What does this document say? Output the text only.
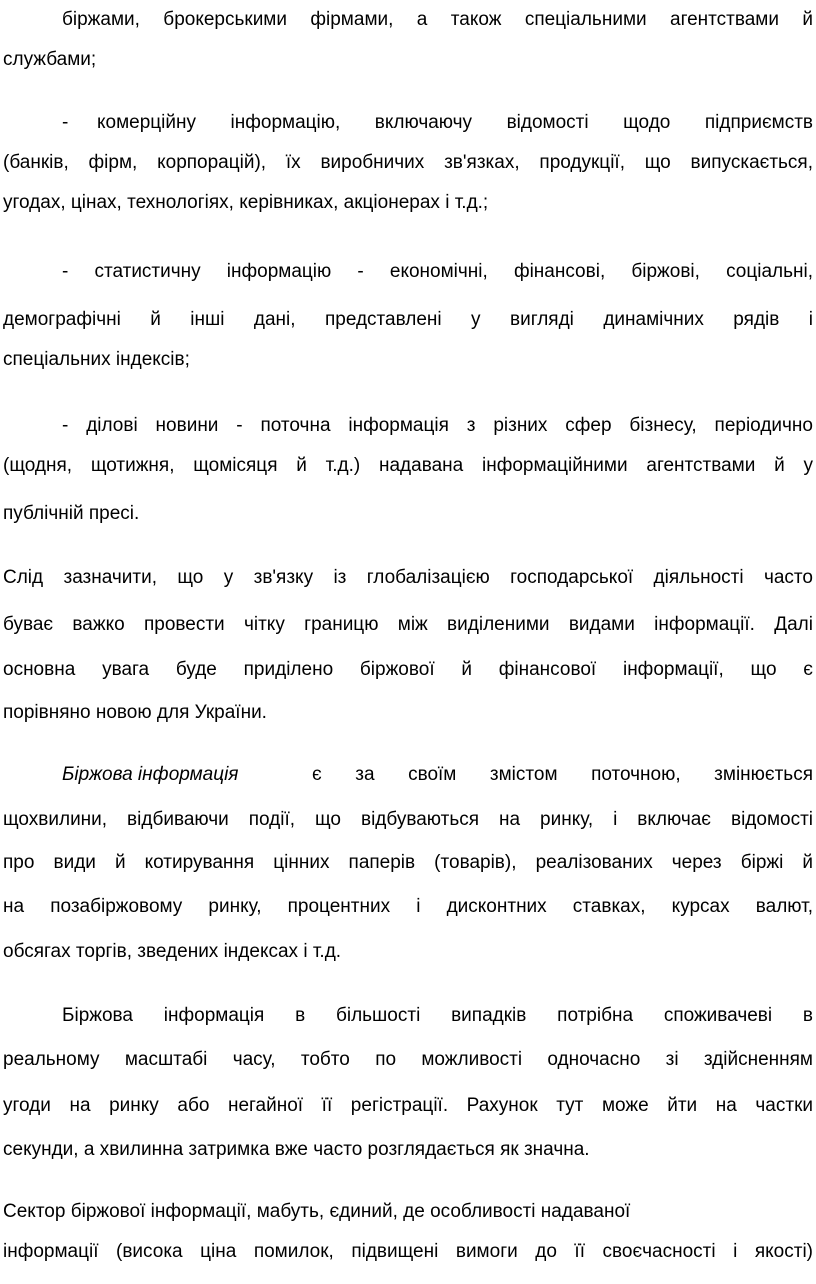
біржами, брокерськими фірмами, а також спеціальними агентствами й
службами;
-	комерційну інформацію, включаючу відомості щодо підприємств
(банків, фірм, корпорацій), їх виробничих зв'язках, продукції, що випускається,
угодах, цінах, технологіях, керівниках, акціонерах і т.д.;
- статистичну інформацію - економічні, фінансові, біржові, соціальні,
демографічні й інші дані, представлені у вигляді динамічних рядів і
спеціальних індексів;
- ділові новини - поточна інформація з різних сфер бізнесу, періодично
(щодня, щотижня, щомісяця й т.д.) надавана інформаційними агентствами й у
публічній пресі.
Слід зазначити, що у зв'язку із глобалізацією господарської діяльності часто
буває важко провести чітку границю між виділеними видами інформації. Далі
основна увага буде приділено біржової й фінансової інформації, що є
порівняно новою для України.
Біржова інформація	є за своїм змістом поточною, змінюється
щохвилини, відбиваючи події, що відбуваються на ринку, і включає відомості
про види й котирування цінних паперів (товарів), реалізованих через біржі й
на позабіржовому ринку, процентних і дисконтних ставках, курсах валют,
обсягах торгів, зведених індексах і т.д.
Біржова інформація в більшості випадків потрібна споживачеві в
реальному масштабі часу, тобто по можливості одночасно зі здійсненням
угоди на ринку або негайної її регістрації. Рахунок тут може йти на частки
секунди, а хвилинна затримка вже часто розглядається як значна.
Сектор біржової інформації, мабуть, єдиний, де особливості надаваної
інформації (висока ціна помилок, підвищені вимоги до її своєчасності і якості)
